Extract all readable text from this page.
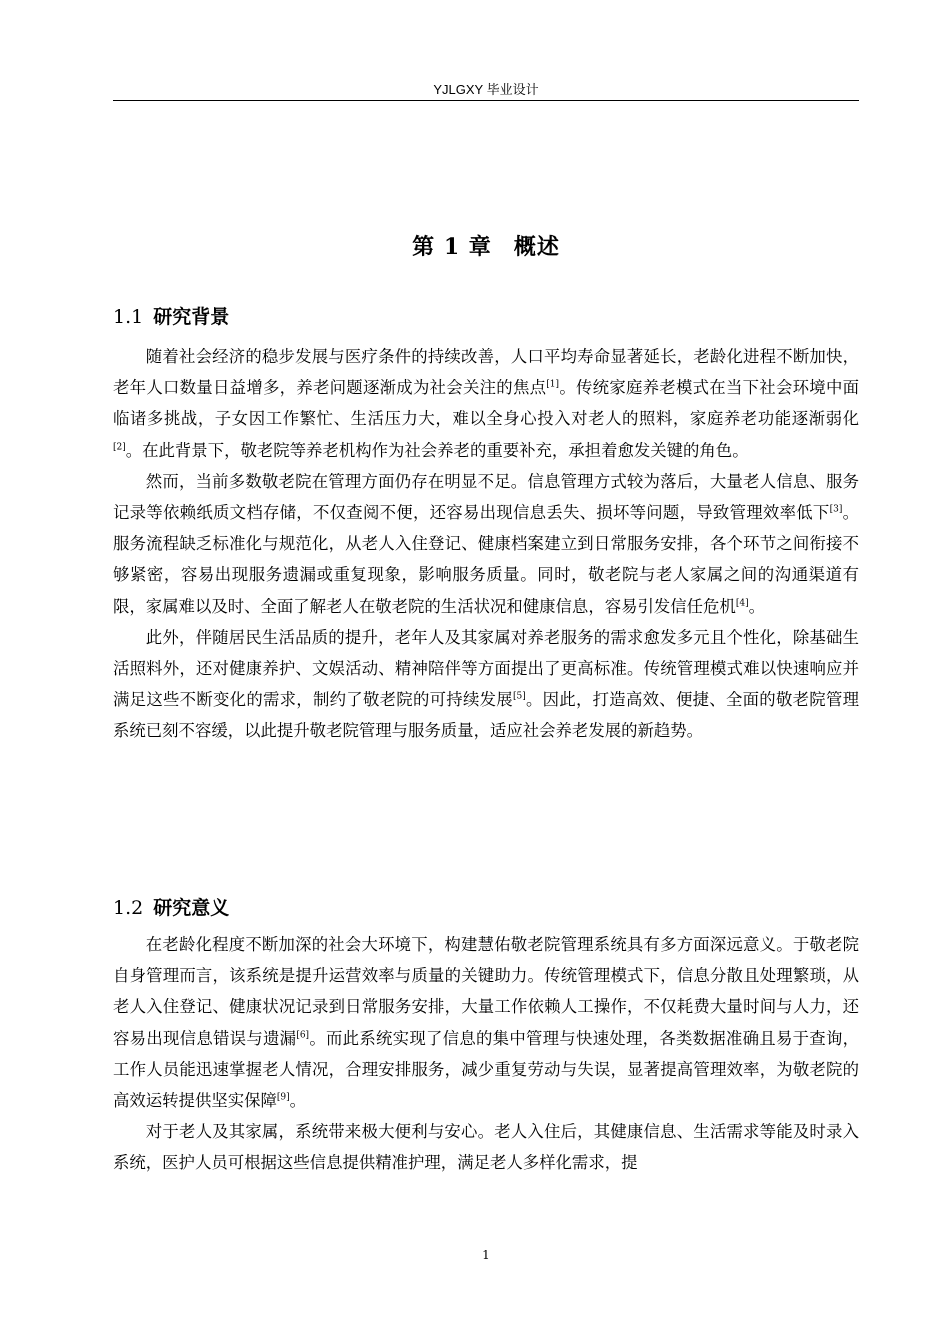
YJLGXY 毕业设计
第 1 章 概述
1.1 研究背景

随着社会经济的稳步发展与医疗条件的持续改善，人口平均寿命显著延长，老龄化进程不断加快，老年人口数量日益增多，养老问题逐渐成为社会关注的焦点[1]。传统家庭养老模式在当下社会环境中面临诸多挑战，子女因工作繁忙、生活压力大，难以全身心投入对老人的照料，家庭养老功能逐渐弱化[2]。在此背景下，敬老院等养老机构作为社会养老的重要补充，承担着愈发关键的角色。

然而，当前多数敬老院在管理方面仍存在明显不足。信息管理方式较为落后，大量老人信息、服务记录等依赖纸质文档存储，不仅查阅不便，还容易出现信息丢失、损坏等问题，导致管理效率低下[3]。服务流程缺乏标准化与规范化，从老人入住登记、健康档案建立到日常服务安排，各个环节之间衔接不够紧密，容易出现服务遗漏或重复现象，影响服务质量。同时，敬老院与老人家属之间的沟通渠道有限，家属难以及时、全面了解老人在敬老院的生活状况和健康信息，容易引发信任危机[4]。

此外，伴随居民生活品质的提升，老年人及其家属对养老服务的需求愈发多元且个性化，除基础生活照料外，还对健康养护、文娱活动、精神陪伴等方面提出了更高标准。传统管理模式难以快速响应并满足这些不断变化的需求，制约了敬老院的可持续发展[5]。因此，打造高效、便捷、全面的敬老院管理系统已刻不容缓，以此提升敬老院管理与服务质量，适应社会养老发展的新趋势。

1.2 研究意义

在老龄化程度不断加深的社会大环境下，构建慧佑敬老院管理系统具有多方面深远意义。于敬老院自身管理而言，该系统是提升运营效率与质量的关键助力。传统管理模式下，信息分散且处理繁琐，从老人入住登记、健康状况记录到日常服务安排，大量工作依赖人工操作，不仅耗费大量时间与人力，还容易出现信息错误与遗漏[6]。而此系统实现了信息的集中管理与快速处理，各类数据准确且易于查询，工作人员能迅速掌握老人情况，合理安排服务，减少重复劳动与失误，显著提高管理效率，为敬老院的高效运转提供坚实保障[9]。

对于老人及其家属，系统带来极大便利与安心。老人入住后，其健康信息、生活需求等能及时录入系统，医护人员可根据这些信息提供精准护理，满足老人多样化需求，提

1
